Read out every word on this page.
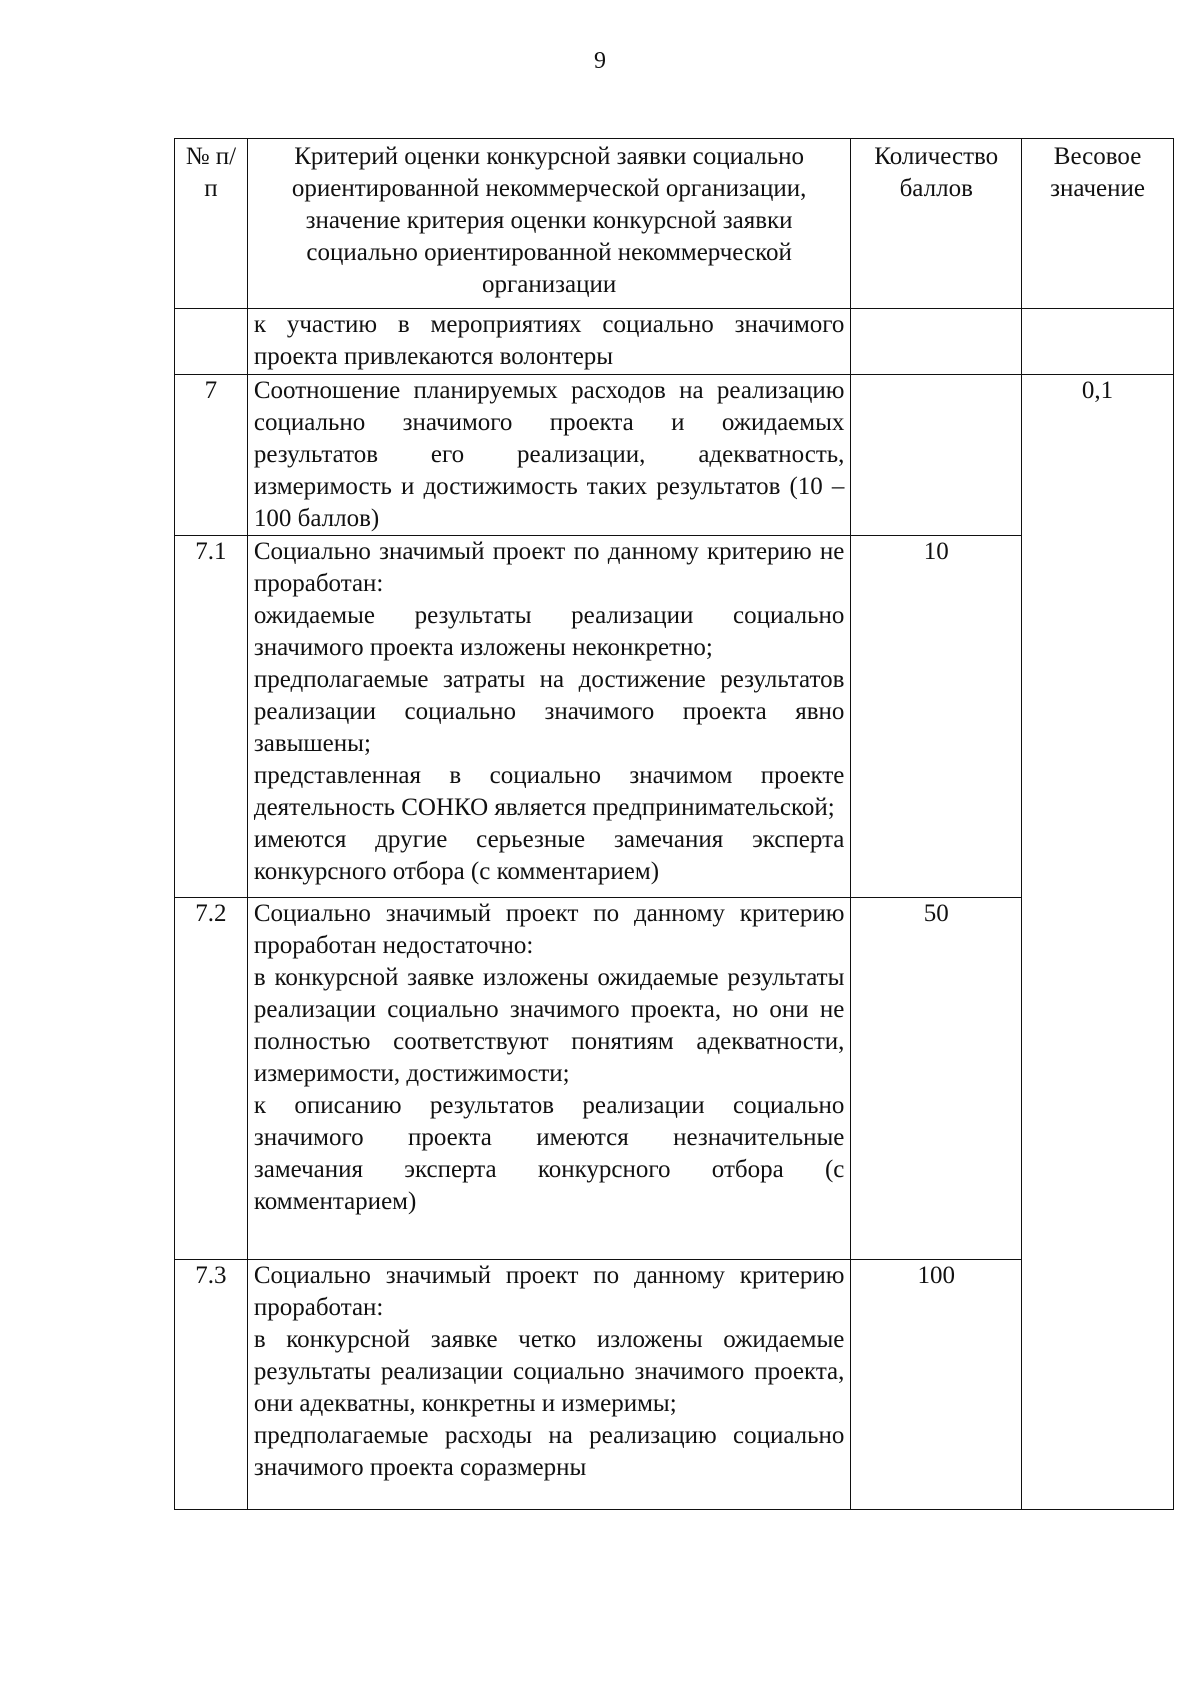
9
№ п/п	Критерий оценки конкурсной заявки социально ориентированной некоммерческой организации, значение критерия оценки конкурсной заявки социально ориентированной некоммерческой организации	Количество баллов	Весовое значение

	к участию в мероприятиях социально значимого проекта привлекаются волонтеры		

7	Соотношение планируемых расходов на реализацию социально значимого проекта и ожидаемых результатов его реализации, адекватность, измеримость и достижимость таких результатов (10 – 100 баллов)		0,1
7.1	Социально значимый проект по данному критерию не проработан:

ожидаемые результаты реализации социально значимого проекта изложены неконкретно;

предполагаемые затраты на достижение результатов реализации социально значимого проекта явно завышены;

представленная в социально значимом проекте деятельность СОНКО является предпринимательской;

имеются другие серьезные замечания эксперта конкурсного отбора (с комментарием)	10	
7.2	Социально значимый проект по данному критерию проработан недостаточно:

в конкурсной заявке изложены ожидаемые результаты реализации социально значимого проекта, но они не полностью соответствуют понятиям адекватности, измеримости, достижимости;

к описанию результатов реализации социально значимого проекта имеются незначительные замечания эксперта конкурсного отбора (с комментарием)	50	
7.3	Социально значимый проект по данному критерию проработан:

в конкурсной заявке четко изложены ожидаемые результаты реализации социально значимого проекта, они адекватны, конкретны и измеримы;

предполагаемые расходы на реализацию социально значимого проекта соразмерны	100	
